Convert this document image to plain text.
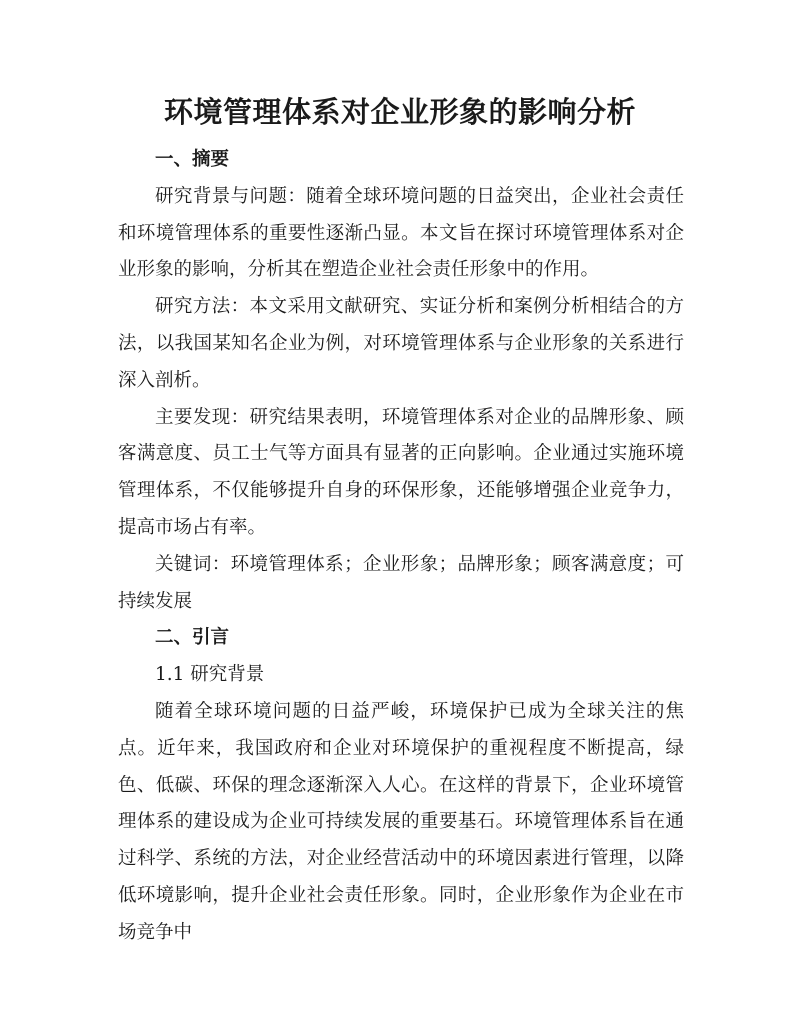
环境管理体系对企业形象的影响分析

一、摘要

研究背景与问题：随着全球环境问题的日益突出，企业社会责任和环境管理体系的重要性逐渐凸显。本文旨在探讨环境管理体系对企业形象的影响，分析其在塑造企业社会责任形象中的作用。

研究方法：本文采用文献研究、实证分析和案例分析相结合的方法，以我国某知名企业为例，对环境管理体系与企业形象的关系进行深入剖析。

主要发现：研究结果表明，环境管理体系对企业的品牌形象、顾客满意度、员工士气等方面具有显著的正向影响。企业通过实施环境管理体系，不仅能够提升自身的环保形象，还能够增强企业竞争力，提高市场占有率。

关键词：环境管理体系；企业形象；品牌形象；顾客满意度；可持续发展

二、引言

1.1 研究背景

随着全球环境问题的日益严峻，环境保护已成为全球关注的焦点。近年来，我国政府和企业对环境保护的重视程度不断提高，绿色、低碳、环保的理念逐渐深入人心。在这样的背景下，企业环境管理体系的建设成为企业可持续发展的重要基石。环境管理体系旨在通过科学、系统的方法，对企业经营活动中的环境因素进行管理，以降低环境影响，提升企业社会责任形象。同时，企业形象作为企业在市场竞争中
